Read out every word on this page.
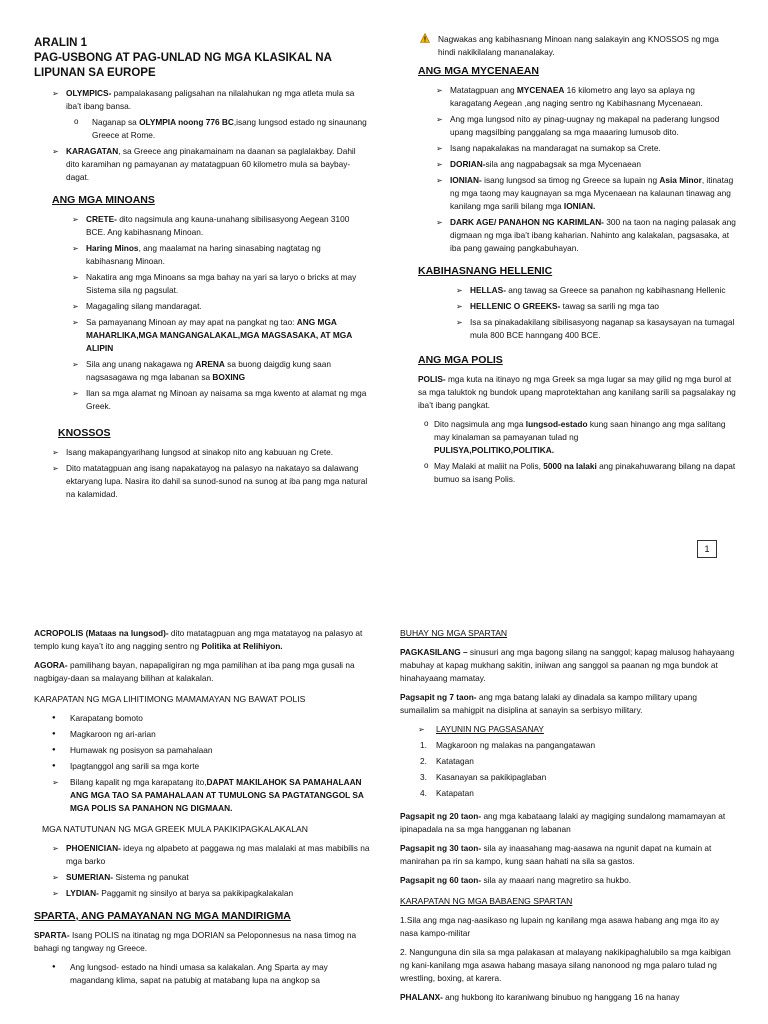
ARALIN 1
PAG-USBONG AT PAG-UNLAD NG MGA KLASIKAL NA
LIPUNAN SA EUROPE
➢ OLYMPICS- pampalakasang paligsahan na nilalahukan ng mga atleta mula sa iba’t ibang bansa.
o Naganap sa OLYMPIA noong 776 BC,isang lungsod estado ng sinaunang Greece at Rome.
➢ KARAGATAN, sa Greece ang pinakamainam na daanan sa paglalakbay. Dahil dito karamihan ng pamayanan ay matatagpuan 60 kilometro mula sa baybay- dagat.
ANG MGA MINOANS
➢ CRETE- dito nagsimula ang kauna-unahang sibilisasyong Aegean 3100 BCE. Ang kabihasnang Minoan.
➢ Haring Minos, ang maalamat na haring sinasabing nagtatag ng kabihasnang Minoan.
➢ Nakatira ang mga Minoans sa mga bahay na yari sa laryo o bricks at may Sistema sila ng pagsulat.
➢ Magagaling silang mandaragat.
➢ Sa pamayanang Minoan ay may apat na pangkat ng tao: ANG MGA MAHARLIKA,MGA MANGANGALAKAL,MGA MAGSASAKA, AT MGA ALIPIN
➢ Sila ang unang nakagawa ng ARENA sa buong daigdig kung saan nagsasagawa ng mga labanan sa BOXING
➢ Ilan sa mga alamat ng Minoan ay naisama sa mga kwento at alamat ng mga Greek.
KNOSSOS
➢ Isang makapangyarihang lungsod at sinakop nito ang kabuuan ng Crete.
➢ Dito matatagpuan ang isang napakatayog na palasyo na nakatayo sa dalawang ektaryang lupa. Nasira ito dahil sa sunod-sunod na sunog at iba pang mga natural na kalamidad.
Nagwakas ang kabihasnang Minoan nang salakayin ang KNOSSOS ng mga hindi nakikilalang mananalakay.
ANG MGA MYCENAEAN
➢ Matatagpuan ang MYCENAEA 16 kilometro ang layo sa aplaya ng karagatang Aegean ,ang naging sentro ng Kabihasnang Mycenaean.
➢ Ang mga lungsod nito ay pinag-uugnay ng makapal na paderang lungsod upang magsilbing panggalang sa mga maaaring lumusob dito.
➢ Isang napakalakas na mandaragat na sumakop sa Crete.
➢ DORIAN-sila ang nagpabagsak sa mga Mycenaean
➢ IONIAN- isang lungsod sa timog ng Greece sa lupain ng Asia Minor, itinatag ng mga taong may kaugnayan sa mga Mycenaean na kalaunan tinawag ang kanilang mga sarili bilang mga IONIAN.
➢ DARK AGE/ PANAHON NG KARIMLAN- 300 na taon na naging palasak ang digmaan ng mga iba’t ibang kaharian. Nahinto ang kalakalan, pagsasaka, at iba pang gawaing pangkabuhayan.
KABIHASNANG HELLENIC
➢ HELLAS- ang tawag sa Greece sa panahon ng kabihasnang Hellenic
➢ HELLENIC O GREEKS- tawag sa sarili ng mga tao
➢ Isa sa pinakadakilang sibilisasyong naganap sa kasaysayan na tumagal mula 800 BCE hanngang 400 BCE.
ANG MGA POLIS

POLIS- mga kuta na itinayo ng mga Greek sa mga lugar sa may gilid ng mga burol at sa mga taluktok ng bundok upang maprotektahan ang kanilang sarili sa pagsalakay ng iba’t ibang pangkat.

o Dito nagsimula ang mga lungsod-estado kung saan hinango ang mga salitang may kinalaman sa pamayanan tulad ng
PULISYA,POLITIKO,POLITIKA.
o May Malaki at maliit na Polis, 5000 na lalaki ang pinakahuwarang bilang na dapat bumuo sa isang Polis.
1

ACROPOLIS (Mataas na lungsod)- dito matatagpuan ang mga matatayog na palasyo at templo kung kaya’t ito ang nagging sentro ng Politika at Relihiyon.

AGORA- pamilihang bayan, napapaligiran ng mga pamilihan at iba pang mga gusali na nagbigay-daan sa malayang bilihan at kalakalan.

KARAPATAN NG MGA LIHITIMONG MAMAMAYAN NG BAWAT POLIS
● Karapatang bomoto
● Magkaroon ng ari-arian
● Humawak ng posisyon sa pamahalaan
● Ipagtanggol ang sarili sa mga korte
➢ Bilang kapalit ng mga karapatang ito,DAPAT MAKILAHOK SA PAMAHALAAN ANG MGA TAO SA PAMAHALAAN AT TUMULONG SA PAGTATANGGOL SA MGA POLIS SA PANAHON NG DIGMAAN.
MGA NATUTUNAN NG MGA GREEK MULA PAKIKIPAGKALAKALAN
➢ PHOENICIAN- ideya ng alpabeto at paggawa ng mas malalaki at mas mabibilis na mga barko
➢ SUMERIAN- Sistema ng panukat
➢ LYDIAN- Paggamit ng sinsilyo at barya sa pakikipagkalakalan
SPARTA, ANG PAMAYANAN NG MGA MANDIRIGMA

SPARTA- Isang POLIS na itinatag ng mga DORIAN sa Peloponnesus na nasa timog na bahagi ng tangway ng Greece.

● Ang lungsod- estado na hindi umasa sa kalakalan. Ang Sparta ay may magandang klima, sapat na patubig at matabang lupa na angkop sa
BUHAY NG MGA SPARTAN

PAGKASILANG – sinusuri ang mga bagong silang na sanggol; kapag malusog hahayaang mabuhay at kapag mukhang sakitin, iniiwan ang sanggol sa paanan ng mga bundok at hinahayaang mamatay.

Pagsapit ng 7 taon- ang mga batang lalaki ay dinadala sa kampo military upang sumailalim sa mahigpit na disiplina at sanayin sa serbisyo military.

➢ LAYUNIN NG PAGSASANAY
1. Magkaroon ng malakas na pangangatawan
2. Katatagan
3. Kasanayan sa pakikipaglaban
4. Katapatan

Pagsapit ng 20 taon- ang mga kabataang lalaki ay magiging sundalong mamamayan at ipinapadala na sa mga hangganan ng labanan

Pagsapit ng 30 taon- sila ay inaasahang mag-aasawa na ngunit dapat na kumain at manirahan pa rin sa kampo, kung saan hahati na sila sa gastos.

Pagsapit ng 60 taon- sila ay maaari nang magretiro sa hukbo.

KARAPATAN NG MGA BABAENG SPARTAN

1.Sila ang mga nag-aasikaso ng lupain ng kanilang mga asawa habang ang mga ito ay nasa kampo-militar

2. Nangunguna din sila sa mga palakasan at malayang nakikipaghalubilo sa mga kaibigan ng kani-kanilang mga asawa habang masaya silang nanonood ng mga palaro tulad ng wrestling, boxing, at karera.

PHALANX- ang hukbong ito karaniwang binubuo ng hanggang 16 na hanay
